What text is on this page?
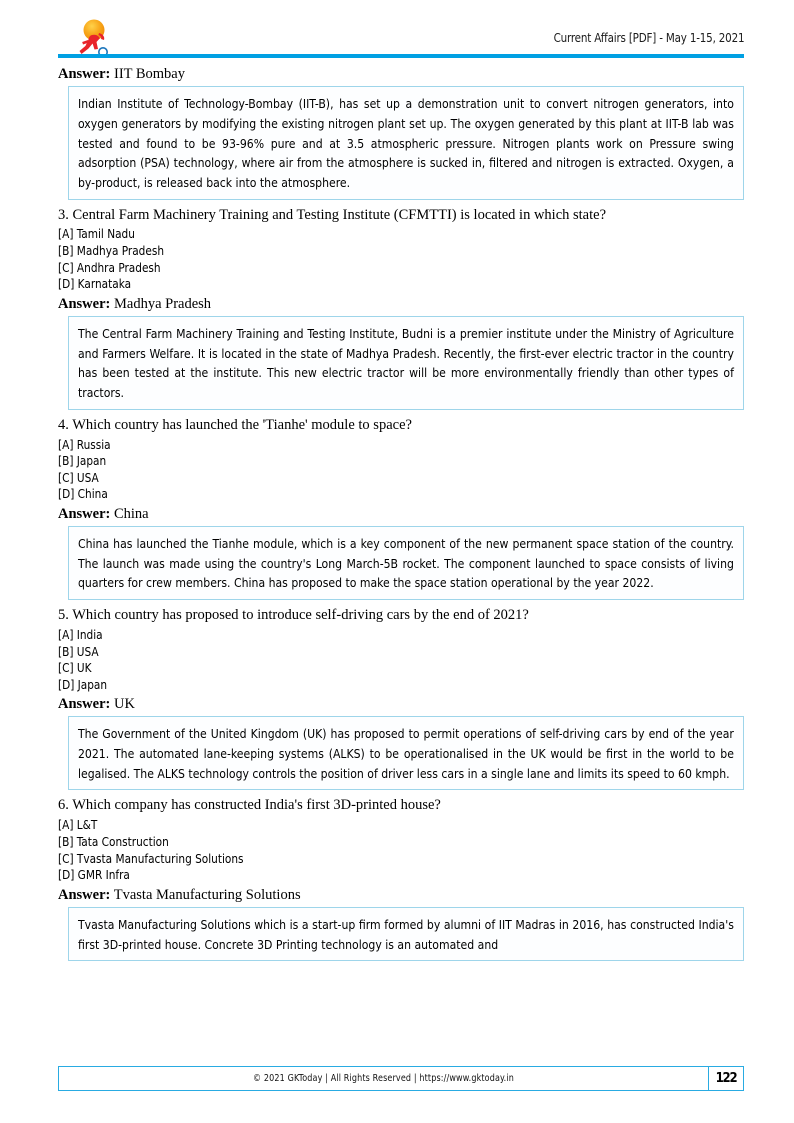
Current Affairs [PDF] - May 1-15, 2021
Answer: IIT Bombay

Indian Institute of Technology-Bombay (IIT-B), has set up a demonstration unit to convert nitrogen generators, into oxygen generators by modifying the existing nitrogen plant set up. The oxygen generated by this plant at IIT-B lab was tested and found to be 93-96% pure and at 3.5 atmospheric pressure. Nitrogen plants work on Pressure swing adsorption (PSA) technology, where air from the atmosphere is sucked in, filtered and nitrogen is extracted. Oxygen, a by-product, is released back into the atmosphere.

3. Central Farm Machinery Training and Testing Institute (CFMTTI) is located in which state?
[A] Tamil Nadu
[B] Madhya Pradesh
[C] Andhra Pradesh
[D] Karnataka
Answer: Madhya Pradesh

The Central Farm Machinery Training and Testing Institute, Budni is a premier institute under the Ministry of Agriculture and Farmers Welfare. It is located in the state of Madhya Pradesh. Recently, the first-ever electric tractor in the country has been tested at the institute. This new electric tractor will be more environmentally friendly than other types of tractors.

4. Which country has launched the 'Tianhe' module to space?
[A] Russia
[B] Japan
[C] USA
[D] China
Answer: China

China has launched the Tianhe module, which is a key component of the new permanent space station of the country. The launch was made using the country's Long March-5B rocket. The component launched to space consists of living quarters for crew members. China has proposed to make the space station operational by the year 2022.

5. Which country has proposed to introduce self-driving cars by the end of 2021?
[A] India
[B] USA
[C] UK
[D] Japan
Answer: UK

The Government of the United Kingdom (UK) has proposed to permit operations of self-driving cars by end of the year 2021. The automated lane-keeping systems (ALKS) to be operationalised in the UK would be first in the world to be legalised. The ALKS technology controls the position of driver less cars in a single lane and limits its speed to 60 kmph.

6. Which company has constructed India's first 3D-printed house?
[A] L&T
[B] Tata Construction
[C] Tvasta Manufacturing Solutions
[D] GMR Infra
Answer: Tvasta Manufacturing Solutions

Tvasta Manufacturing Solutions which is a start-up firm formed by alumni of IIT Madras in 2016, has constructed India's first 3D-printed house. Concrete 3D Printing technology is an automated and

© 2021 GKToday | All Rights Reserved | https://www.gktoday.in	122
